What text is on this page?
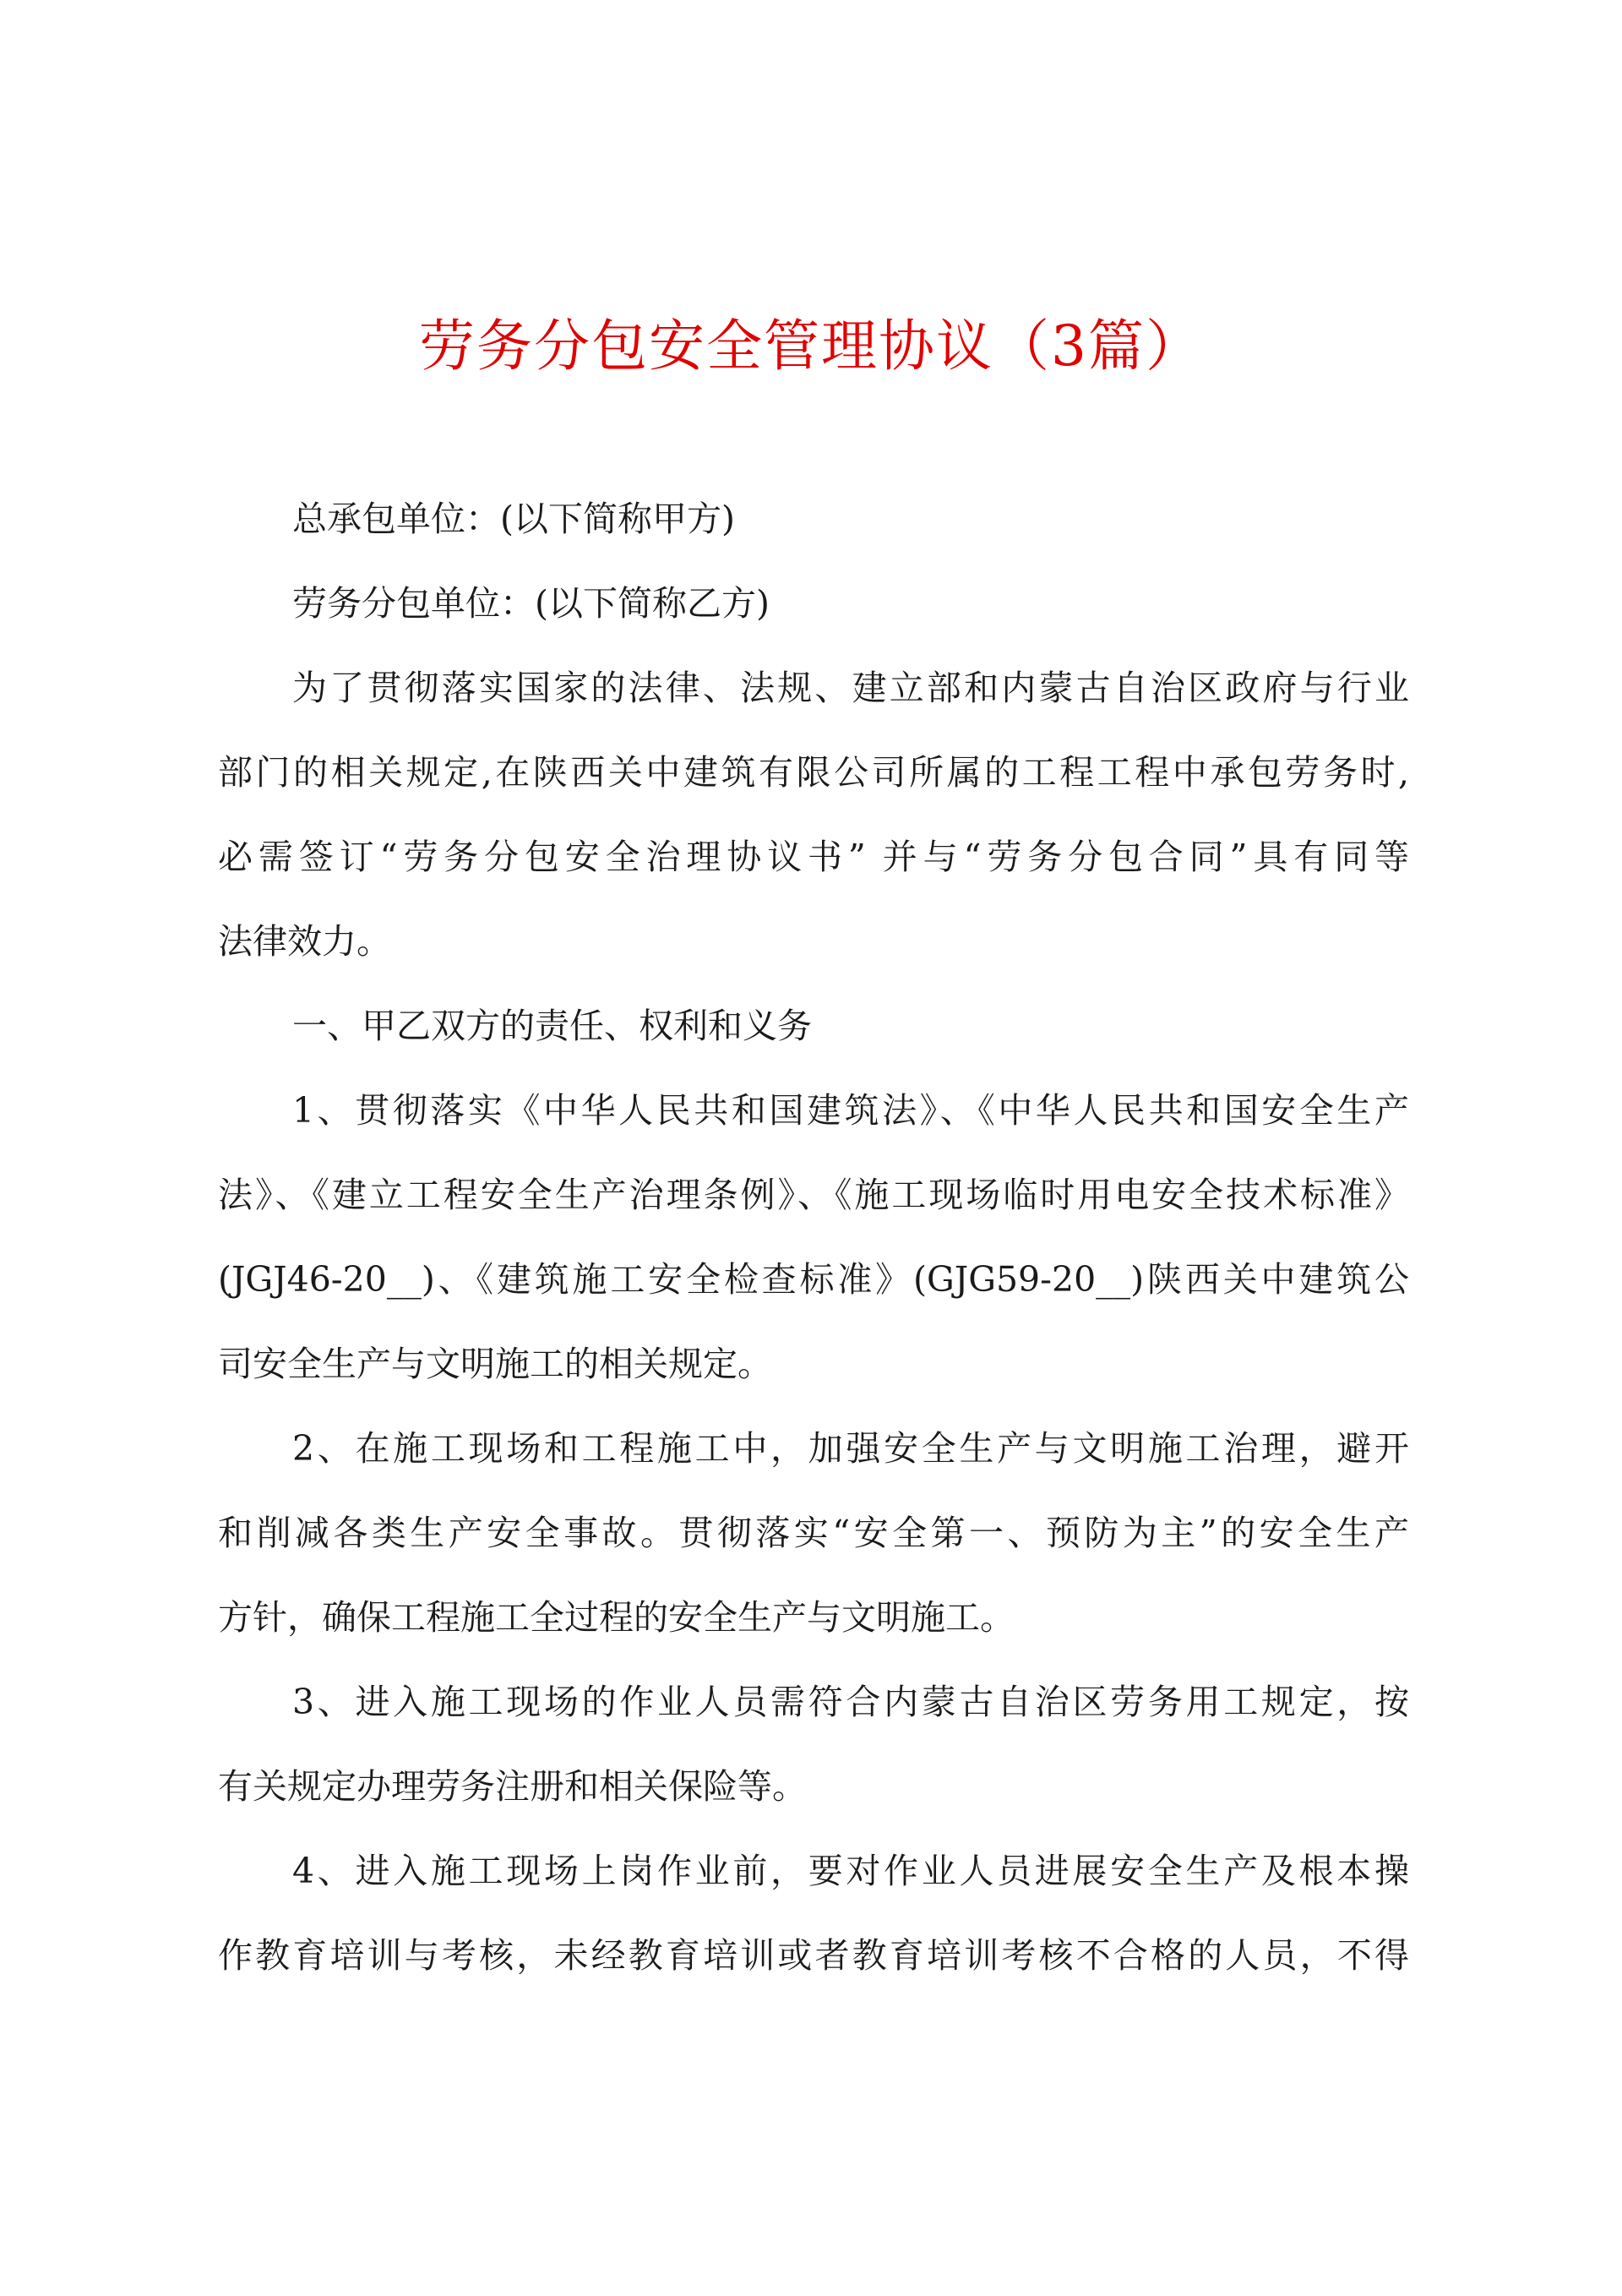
劳务分包安全管理协议（3篇）
总承包单位：(以下简称甲方)
劳务分包单位：(以下简称乙方)
为了贯彻落实国家的法律、法规、建立部和内蒙古自治区政府与行业
部门的相关规定,在陕西关中建筑有限公司所属的工程工程中承包劳务时,
必需签订“劳务分包安全治理协议书” 并与“劳务分包合同”具有同等
法律效力。
一、甲乙双方的责任、权利和义务
1、贯彻落实《中华人民共和国建筑法》、《中华人民共和国安全生产
法》、《建立工程安全生产治理条例》、《施工现场临时用电安全技术标准》
(JGJ46-20__)、《建筑施工安全检查标准》(GJG59-20__)陕西关中建筑公
司安全生产与文明施工的相关规定。
2、在施工现场和工程施工中，加强安全生产与文明施工治理，避开
和削减各类生产安全事故。贯彻落实“安全第一、预防为主”的安全生产
方针，确保工程施工全过程的安全生产与文明施工。
3、进入施工现场的作业人员需符合内蒙古自治区劳务用工规定，按
有关规定办理劳务注册和相关保险等。
4、进入施工现场上岗作业前，要对作业人员进展安全生产及根本操
作教育培训与考核，未经教育培训或者教育培训考核不合格的人员，不得
